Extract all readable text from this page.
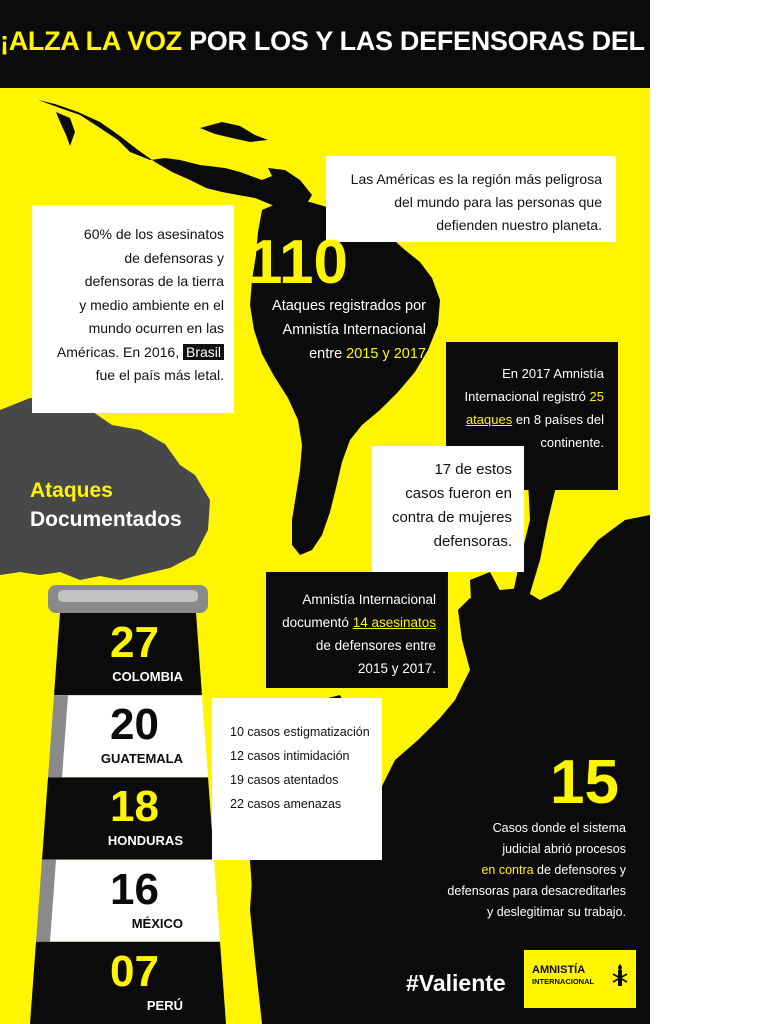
¡ALZA LA VOZ POR LOS Y LAS DEFENSORAS DEL PLANETA!
Las Américas es la región más peligrosa
del mundo para las personas que
defienden nuestro planeta.
60% de los asesinatos
de defensoras y
defensoras de la tierra
y medio ambiente en el
mundo ocurren en las
Américas. En 2016, Brasil
fue el país más letal.
110
Ataques registrados por
Amnistía Internacional
entre 2015 y 2017
En 2017 Amnistía
Internacional registró 25
ataques en 8 países del
continente.
17 de estos
casos fueron en
contra de mujeres
defensoras.
Amnistía Internacional
documentó 14 asesinatos
de defensores entre
2015 y 2017.
10 casos estigmatización
12 casos intimidación
19 casos atentados
22 casos amenazas
Ataques
Documentados
27
COLOMBIA
20
GUATEMALA
18
HONDURAS
16
MÉXICO
07
PERÚ
15
Casos donde el sistema
judicial abrió procesos
en contra de defensores y
defensoras para desacreditarles
y deslegitimar su trabajo.
#Valiente AMNISTÍA
INTERNACIONAL
